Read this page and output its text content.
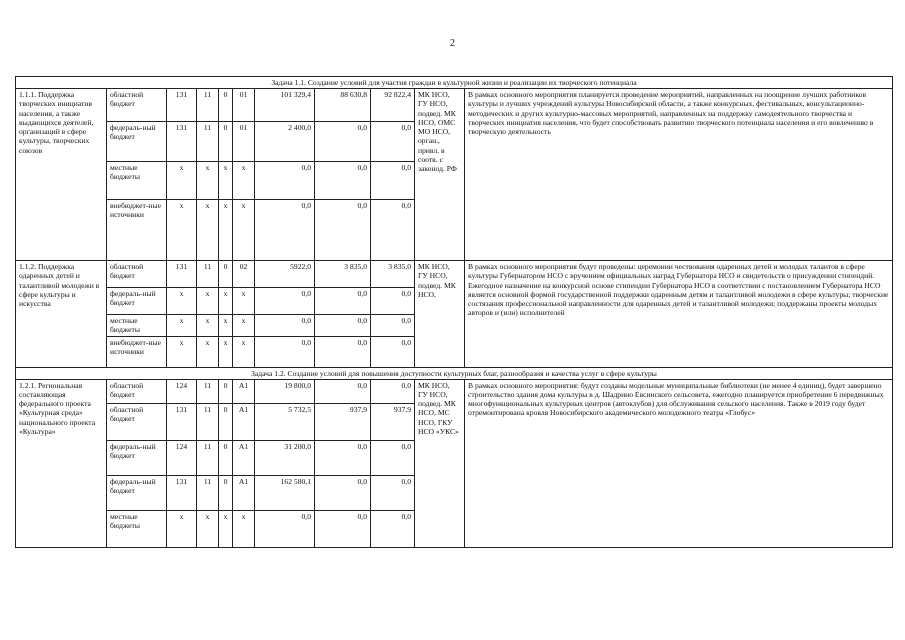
2
Задача 1.1. Создание условий для участия граждан в культурной жизни и реализации их творческого потенциала										
1.1.1. Поддержка творческих инициатив населения, а также выдающихся деятелей, организаций в сфере культуры, творческих союзов	областной бюджет	131	11	0	01	101 329,4	88 630,8	92 822,4	МК НСО, ГУ НСО, подвед. МК НСО, ОМС МО НСО, орган., привл. в соотв. с законод. РФ	В рамках основного мероприятия планируется проведение мероприятий, направленных на поощрение лучших работников культуры и лучших учреждений культуры Новосибирской области, а также конкурсных, фестивальных, консультационно-методических и других культурно-массовых мероприятий, направленных на поддержку самодеятельного творчества и творческих инициатив населения, что будет способствовать развитию творческого потенциала населения и его вовлечению в творческую деятельность
	федераль-ный бюджет	131	11	0	01	2 400,0	0,0	0,0		
	местные бюджеты	х	х	х	х	0,0	0,0	0,0		
	внебюджет-ные источники	х	х	х	х	0,0	0,0	0,0		
1.1.2. Поддержка одаренных детей и талантливой молодежи в сфере культуры и искусства	областной бюджет	131	11	0	02	5922,0	3 835,0	3 835,0	МК НСО, ГУ НСО, подвед. МК НСО,	В рамках основного мероприятия будут проведены: церемонии чествования одаренных детей и молодых талантов в сфере культуры Губернатором НСО с вручением официальных наград Губернатора НСО и свидетельств о присуждении стипендий. Ежегодное назначение на конкурсной основе стипендии Губернатора НСО в соответствии с постановлением Губернатора НСО является основной формой государственной поддержки одаренным детям и талантливой молодежи в сфере культуры; творческие состязания профессиональной направленности для одаренных детей и талантливой молодежи; поддержаны проекты молодых авторов и (или) исполнителей
	федераль-ный бюджет	х	х	х	х	0,0	0,0	0,0		
	местные бюджеты	х	х	х	х	0,0	0,0	0,0		
	внебюджет-ные источники	х	х	х	х	0,0	0,0	0,0		
Задача 1.2. Создание условий для повышения доступности культурных благ, разнообразия и качества услуг в сфере культуры										
1.2.1. Региональная составляющая федерального проекта «Культурная среда» национального проекта «Культура»	областной бюджет	124	11	0	А1	19 800,0	0,0	0,0	МК НСО, ГУ НСО, подвед. МК НСО, МС НСО, ГКУ НСО «УКС»	В рамках основного мероприятия: будут созданы модельные муниципальные библиотеки (не менее 4 единиц), будет завершено строительство здания дома культуры в д. Шадрино Евсинского сельсовета, ежегодно планируется приобретение 6 передвижных многофункциональных культурных центров (автоклубов) для обслуживания сельского населения. Также в 2019 году будет отремонтирована кровля Новосибирского академического молодежного театра «Глобус»
	областной бюджет	131	11	0	А1	5 732,5	937,9	937,9		
	федераль-ный бюджет	124	11	0	А1	31 200,0	0,0	0,0		
	федераль-ный бюджет	131	11	0	А1	162 580,1	0,0	0,0		
	местные бюджеты	х	х	х	х	0,0	0,0	0,0		
